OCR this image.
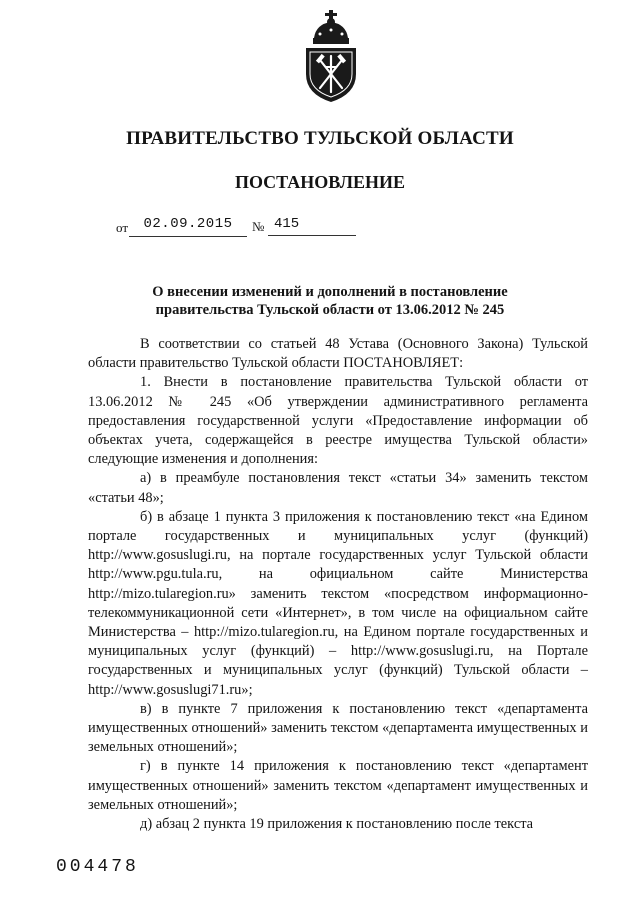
ПРАВИТЕЛЬСТВО ТУЛЬСКОЙ ОБЛАСТИ
ПОСТАНОВЛЕНИЕ
от	02.09.2015	№ 415
О внесении изменений и дополнений в постановление
правительства Тульской области от 13.06.2012 № 245

В соответствии со статьей 48 Устава (Основного Закона) Тульской области правительство Тульской области ПОСТАНОВЛЯЕТ:

1. Внести в постановление правительства Тульской области от 13.06.2012 № 245 «Об утверждении административного регламента предоставления государственной услуги «Предоставление информации об объектах учета, содержащейся в реестре имущества Тульской области» следующие изменения и дополнения:

а) в преамбуле постановления текст «статьи 34» заменить текстом «статьи 48»;

б) в абзаце 1 пункта 3 приложения к постановлению текст «на Едином портале государственных и муниципальных услуг (функций) http://www.gosuslugi.ru, на портале государственных услуг Тульской области http://www.pgu.tula.ru, на официальном сайте Министерства http://mizo.tularegion.ru» заменить текстом «посредством информационно-телекоммуникационной сети «Интернет», в том числе на официальном сайте Министерства – http://mizo.tularegion.ru, на Едином портале государственных и муниципальных услуг (функций) – http://www.gosuslugi.ru, на Портале государственных и муниципальных услуг (функций) Тульской области – http://www.gosuslugi71.ru»;

в) в пункте 7 приложения к постановлению текст «департамента имущественных отношений» заменить текстом «департамента имущественных и земельных отношений»;

г) в пункте 14 приложения к постановлению текст «департамент имущественных отношений» заменить текстом «департамент имущественных и земельных отношений»;

д) абзац 2 пункта 19 приложения к постановлению после текста

004478
